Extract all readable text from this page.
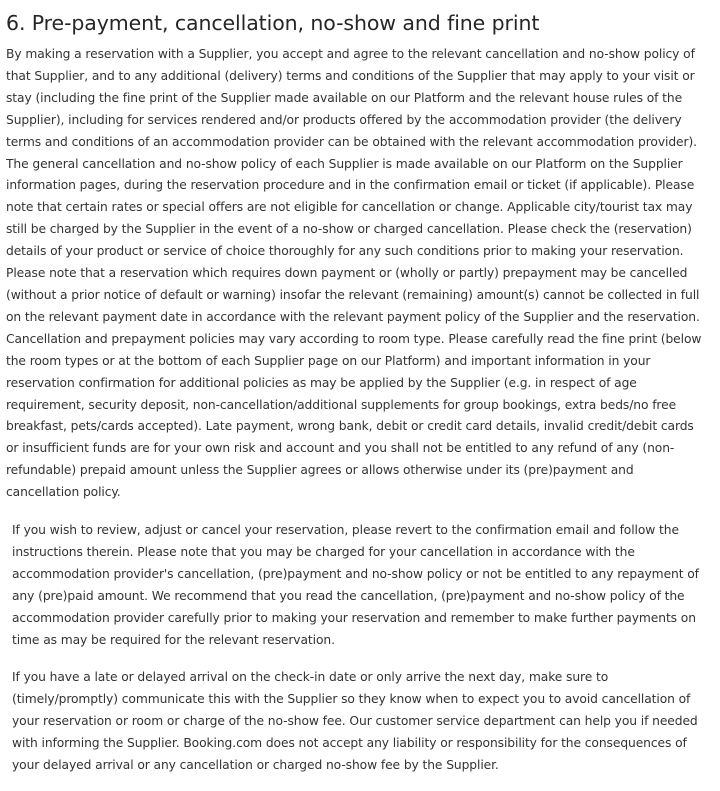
6. Pre-payment, cancellation, no-show and fine print

By making a reservation with a Supplier, you accept and agree to the relevant cancellation and no-show policy of that Supplier, and to any additional (delivery) terms and conditions of the Supplier that may apply to your visit or stay (including the fine print of the Supplier made available on our Platform and the relevant house rules of the Supplier), including for services rendered and/or products offered by the accommodation provider (the delivery terms and conditions of an accommodation provider can be obtained with the relevant accommodation provider). The general cancellation and no-show policy of each Supplier is made available on our Platform on the Supplier information pages, during the reservation procedure and in the confirmation email or ticket (if applicable). Please note that certain rates or special offers are not eligible for cancellation or change. Applicable city/tourist tax may still be charged by the Supplier in the event of a no-show or charged cancellation. Please check the (reservation) details of your product or service of choice thoroughly for any such conditions prior to making your reservation. Please note that a reservation which requires down payment or (wholly or partly) prepayment may be cancelled (without a prior notice of default or warning) insofar the relevant (remaining) amount(s) cannot be collected in full on the relevant payment date in accordance with the relevant payment policy of the Supplier and the reservation. Cancellation and prepayment policies may vary according to room type. Please carefully read the fine print (below the room types or at the bottom of each Supplier page on our Platform) and important information in your reservation confirmation for additional policies as may be applied by the Supplier (e.g. in respect of age requirement, security deposit, non-cancellation/additional supplements for group bookings, extra beds/no free breakfast, pets/cards accepted). Late payment, wrong bank, debit or credit card details, invalid credit/debit cards or insufficient funds are for your own risk and account and you shall not be entitled to any refund of any (non-refundable) prepaid amount unless the Supplier agrees or allows otherwise under its (pre)payment and cancellation policy.

If you wish to review, adjust or cancel your reservation, please revert to the confirmation email and follow the instructions therein. Please note that you may be charged for your cancellation in accordance with the accommodation provider's cancellation, (pre)payment and no-show policy or not be entitled to any repayment of any (pre)paid amount. We recommend that you read the cancellation, (pre)payment and no-show policy of the accommodation provider carefully prior to making your reservation and remember to make further payments on time as may be required for the relevant reservation.

If you have a late or delayed arrival on the check-in date or only arrive the next day, make sure to (timely/promptly) communicate this with the Supplier so they know when to expect you to avoid cancellation of your reservation or room or charge of the no-show fee. Our customer service department can help you if needed with informing the Supplier. Booking.com does not accept any liability or responsibility for the consequences of your delayed arrival or any cancellation or charged no-show fee by the Supplier.
